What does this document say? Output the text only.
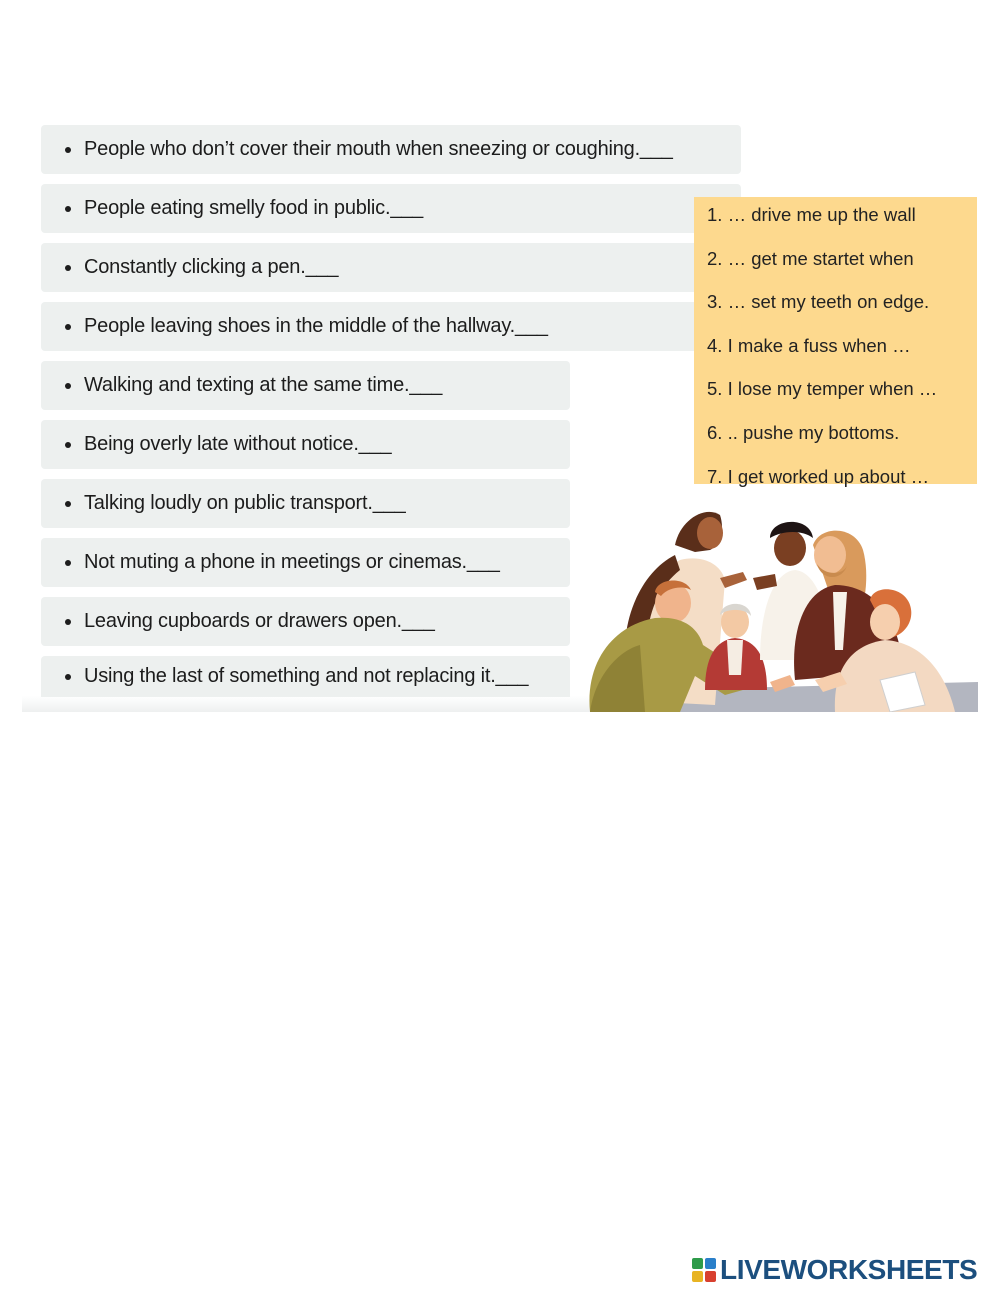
People who don’t cover their mouth when sneezing or coughing.___
People eating smelly food in public.___
Constantly clicking a pen.___
People leaving shoes in the middle of the hallway.___
Walking and texting at the same time.___
Being overly late without notice.___
Talking loudly on public transport.___
Not muting a phone in meetings or cinemas.___
Leaving cupboards or drawers open.___
Using the last of something and not replacing it.___
1. … drive me up the wall
2. … get me startet when
3. … set my teeth on edge.
4. I make a fuss when …
5. I lose my temper when …
6. .. pushe my bottoms.
7. I get worked up about …
LIVEWORKSHEETS
